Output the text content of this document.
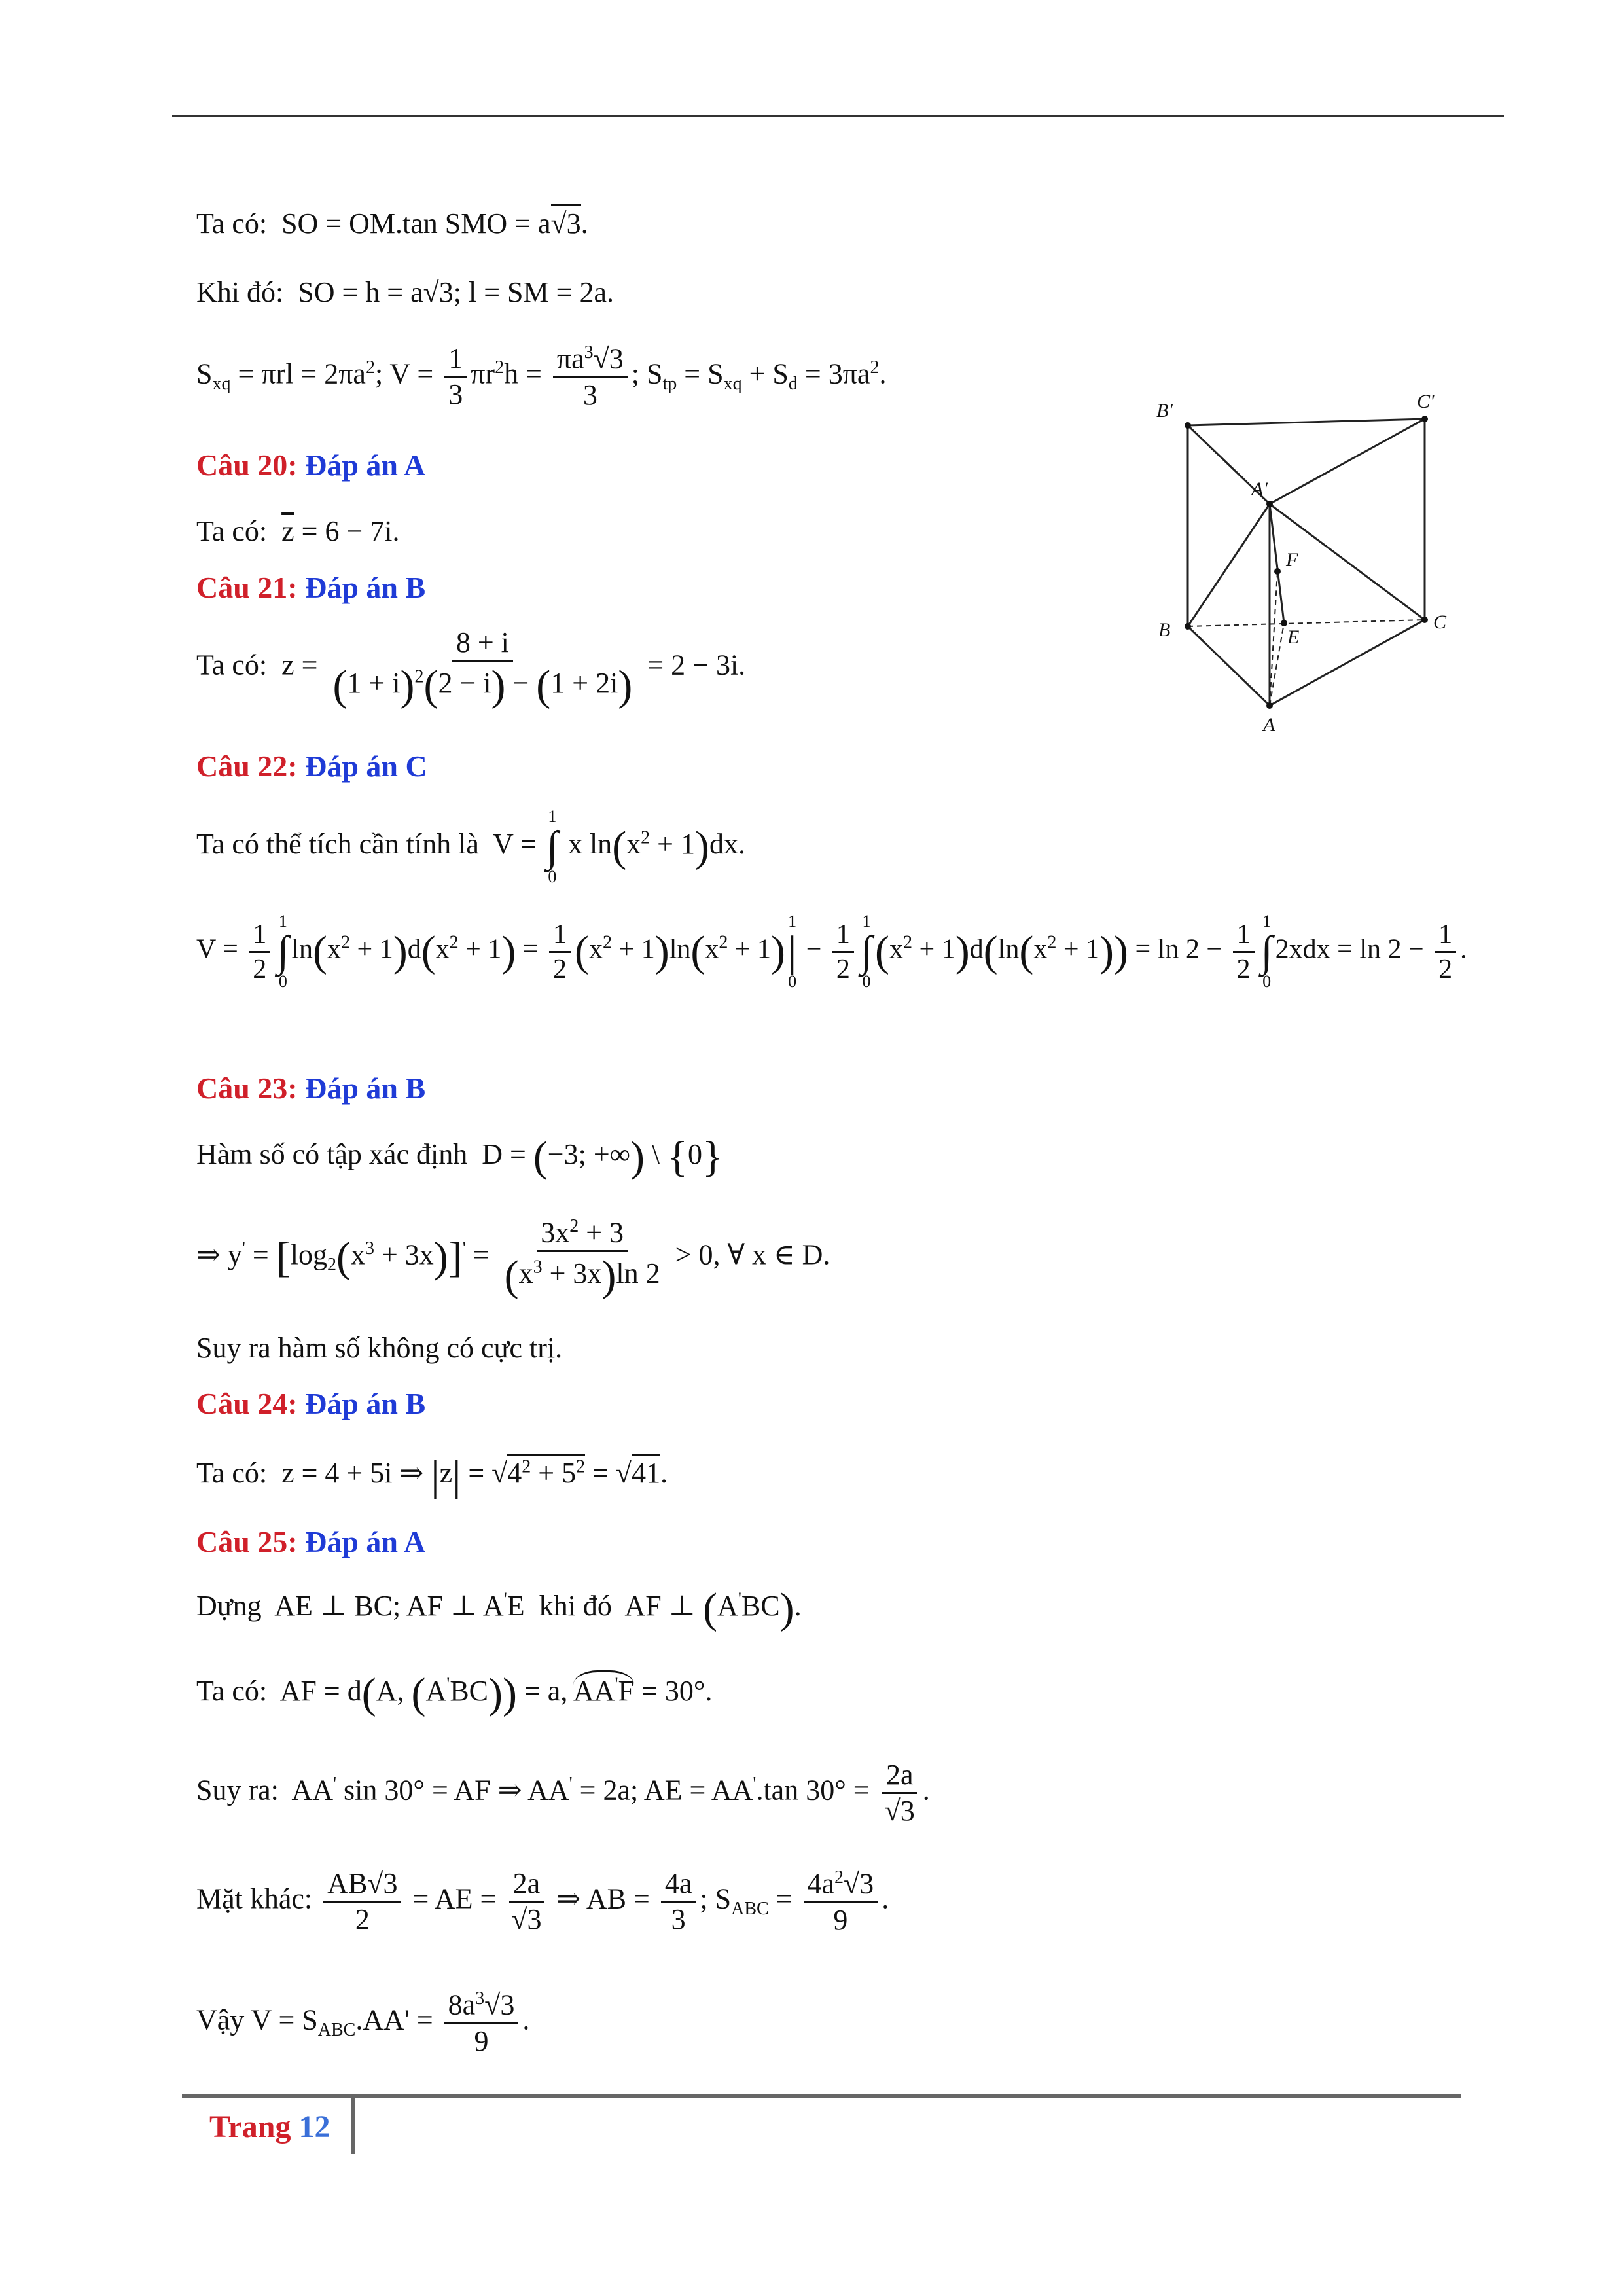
Ta có:  SO = OM.tan SMO = a√3.
Khi đó:  SO = h = a√3; l = SM = 2a.
$S_{xq} = \pi rl = 2\pi a^2$; $V = \frac{1}{3} \pi r^2h = \frac{\pi a^3√3}{3}$ ; $S_{tp} = S_{xq} + S_d = 3\pi a^2$.
Câu 20: Đáp án A
Ta có:  $\overline{z} = 6 - 7i$.
Câu 21: Đáp án B
Ta có:  $z = \frac{8 + i}{(1 + i)^2(2 - i) - (1 + 2i)} = 2 - 3i$.
Câu 22: Đáp án C
Ta có thể tích cần tính là  V =
1
∫
0
x $\ln(x^2 + 1)dx$.
$V = \frac{1}{2} 1$
∫
0
$\ln(x^2 + 1)d(x^2 + 1) = \frac{1}{2} (x^2 + 1)\ln(x^2 + 1)$
1
|
0
− $\frac{1}{2} 1$
∫
0
$(x^2 + 1)d(\ln(x^2 + 1)) = \ln 2 - \frac{1}{2} 1$
∫
0
$2xdx = \ln 2 - \frac{1}{2}$ .
Câu 23: Đáp án B
Hàm số có tập xác định  D = (−3; +∞) \ {0}
⇒ $y' = [\log_2(x^3 + 3x)]' = \frac{3x^2 + 3}{(x^3 + 3x)\ln 2} > 0$, ∀ x ∈ D.
Suy ra hàm số không có cực trị.
Câu 24: Đáp án B
Ta có:  z = 4 + 5i ⇒ $|z| = √4^2 + 5^2 = √41$.
Câu 25: Đáp án A
Dựng  AE ⊥ BC; AF ⊥ A'E  khi đó  AF ⊥ (A'BC).
Ta có:  AF = d(A, (A'BC)) = a, AA'F = 30°.
Suy ra:  AA' sin 30° = AF ⇒ AA' = 2a; AE = AA'.tan $30^\circ = \frac{2a}{√3}$ .
Mặt khác: $\frac{AB√3}{2}$ = AE = $\frac{2a}{√3}$ ⇒ AB = $\frac{4a}{3}$ ; $S_{ABC} = \frac{4a^2√3}{9}$ .
Vậy $V = S_{ABC}.AA' = \frac{8a^3√3}{9}$ .
B'	C'
A'
F
B	E
C
A
Trang 12
